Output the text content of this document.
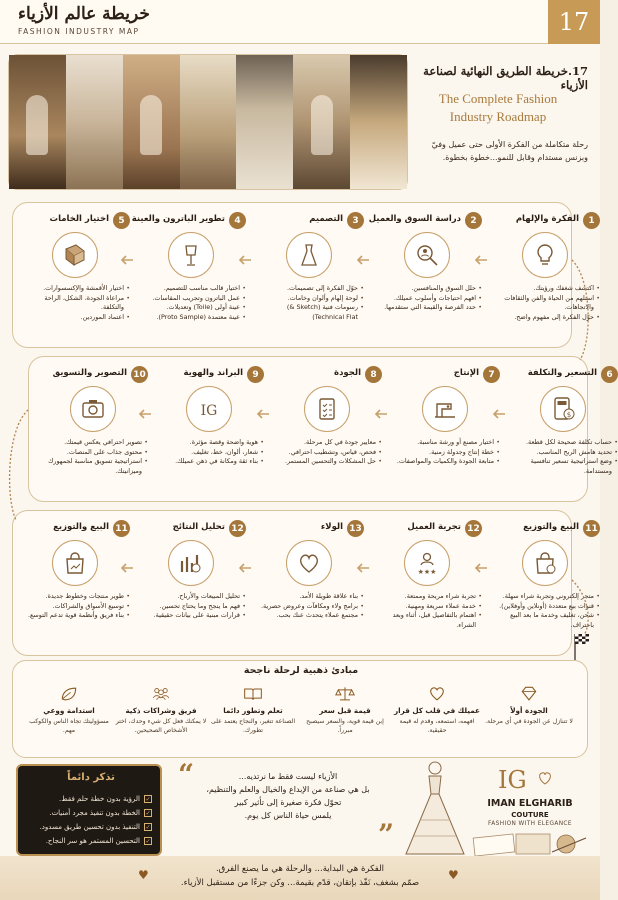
خريطة عالم الأزياء
FASHION INDUSTRY MAP	17
17.خريطة الطريق النهائية لصناعة الأزياء
The Complete Fashion
Industry Roadmap
رحلة متكاملة من الفكرة الأولى حتى عميل وفيّ وبزنس مستدام وقابل للنمو...خطوة بخطوة.
1
الفكرة والإلهام
• اكتشف شغفك ورؤيتك.
• استلهم من الحياة والفن والثقافات والاتجاهات.
• حوّل الفكرة إلى مفهوم واضح.
2
دراسة السوق والعميل
• حلل السوق والمنافسين.
• افهم احتياجات وأسلوب عميلك.
• حدد الفرصة والقيمة التي ستقدمها.
3
التصميم
• حوّل الفكرة إلى تصميمات.
• لوحة إلهام وألوان وخامات.
• رسومات فنية (Sketch &) Technical Flat)
4
تطوير الباترون والعينة
• اختيار قالب مناسب للتصميم.
• عمل الباترون وتجريب المقاسات.
• عينة أولى (Toile) وتعديلات.
• عينة معتمدة (Proto Sample).
5
اختيار الخامات
• اختيار الأقمشة والإكسسوارات.
• مراعاة الجودة، الشكل، الراحة والتكلفة.
• اعتماد الموردين.
6
التسعير والتكلفة
$
• حساب تكلفة صحيحة لكل قطعة.
• تحديد هامش الربح المناسب.
• وضع استراتيجية تسعير تنافسية ومستدامة.
7
الإنتاج
• اختيار مصنع أو ورشة مناسبة.
• خطة إنتاج وجدولة زمنية.
• متابعة الجودة والكميات والمواصفات.
8
الجودة
• معايير جودة في كل مرحلة.
• فحص، قياس، وتشطيب احترافي.
• حل المشكلات والتحسين المستمر.
9
البراند والهوية
IG
• هوية واضحة وقصة مؤثرة.
• شعار، ألوان، خط، تغليف.
• بناء ثقة ومكانة في ذهن عميلك.
10
التصوير والتسويق
• تصوير احترافي يعكس قيمتك.
• محتوى جذاب على المنصات.
• استراتيجية تسويق مناسبة لجمهورك وميزانيتك.
11
البيع والتوزيع
• متجر إلكتروني وتجربة شراء سهلة.
• قنوات بيع متعددة (أونلاين وأوفلاين).
• شحن، تغليف وخدمة ما بعد البيع باحتراف.
12
تجربة العميل
★★★
• تجربة شراء مريحة وممتعة.
• خدمة عملاء سريعة ومهنية.
• اهتمام بالتفاصيل قبل، أثناء وبعد الشراء.
13
الولاء
• بناء علاقة طويلة الأمد.
• برامج ولاء ومكافآت وعروض حصرية.
• مجتمع عملاء يتحدث عنك بحب.
12
تحليل النتائج
• تحليل المبيعات والأرباح.
• فهم ما ينجح وما يحتاج تحسين.
• قرارات مبنية على بيانات حقيقية.
11
البيع والتوزيع
• طوير منتجات وخطوط جديدة.
• توسيع الأسواق والشراكات.
• بناء فريق وأنظمة قوية تدعم التوسع.
مبادئ ذهبية لرحلة ناجحة
الجودة أولاً
لا تتنازل عن الجودة في أي مرحلة.
عميلك في قلب كل قرار
افهمه، استمعه، وقدم له قيمة حقيقية.
قيمة قبل سعر
إبن قيمة قوية، والسعر سيصبح مبرراً.
تعلم وتطور دائما
الصناعة تتغير، والنجاح يعتمد على تطورك.
فريق وشراكات ذكية
لا يمكنك فعل كل شيء وحدك، اختر الأشخاص الصحيحين.
استدامة ووعي
مسؤوليتك تجاه الناس والكوكب مهم.
تذكر دائماً
✓
الرؤية بدون خطة حلم فقط.
✓
الخطة بدون تنفيذ مجرد أمنيات.
✓
التنفيذ بدون تحسين طريق مسدود.
✓
التحسين المستمر هو سر النجاح.
“
”
الأزياء ليست فقط ما نرتديه...
بل هي صناعة من الإبداع والخيال والعلم والتنظيم،
تحوّل فكرة صغيرة إلى تأثير كبير
يلمس حياة الناس كل يوم.
IG
IMAN ELGHARIB
COUTURE
FASHION WITH ELEGANCE
♥	♥
الفكرة هي البداية... والرحلة هي ما يصنع الفرق.
صمّم بشغف، نَفّذ بإتقان، قدّم بقيمة... وكن جزءًا من مستقبل الأزياء.
